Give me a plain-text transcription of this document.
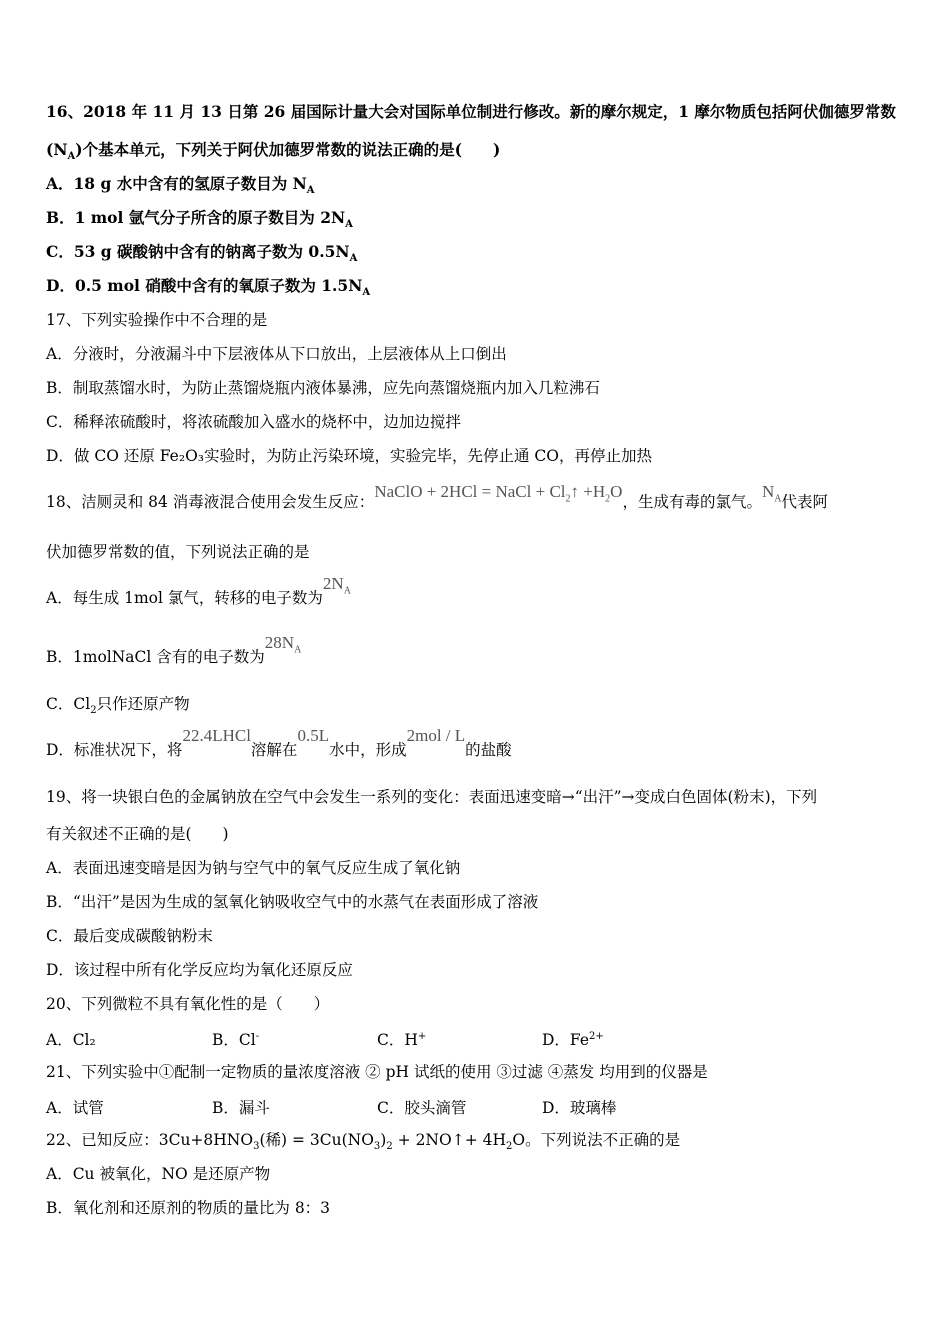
16、2018 年 11 月 13 日第 26 届国际计量大会对国际单位制进行修改。新的摩尔规定，1 摩尔物质包括阿伏伽德罗常数
$(N_A)$个基本单元，下列关于阿伏加德罗常数的说法正确的是(　　)
A．18 g 水中含有的氢原子数目为 $N_A$
B．1 mol 氩气分子所含的原子数目为 $2N_A$
C．53 g 碳酸钠中含有的钠离子数为 $0.5N_A$
D．0.5 mol 硝酸中含有的氧原子数为 $1.5N_A$
17、下列实验操作中不合理的是
A．分液时，分液漏斗中下层液体从下口放出，上层液体从上口倒出
B．制取蒸馏水时，为防止蒸馏烧瓶内液体暴沸，应先向蒸馏烧瓶内加入几粒沸石
C．稀释浓硫酸时，将浓硫酸加入盛水的烧杯中，边加边搅拌
D．做 CO 还原 Fe₂O₃实验时，为防止污染环境，实验完毕，先停止通 CO，再停止加热
18、洁厕灵和 84 消毒液混合使用会发生反应：NaClO + 2HCl = NaCl + $Cl_2↑ +H_2O$，生成有毒的氯气。$N_A$代表阿
伏加德罗常数的值，下列说法正确的是
A．每生成 1mol 氯气，转移的电子数为$2N_A$
B．1molNaCl 含有的电子数为$28N_A$
C．$Cl_2$只作还原产物
D．标准状况下，将22.4LHCl溶解在0.5L水中，形成2mol / L的盐酸
19、将一块银白色的金属钠放在空气中会发生一系列的变化：表面迅速变暗→“出汗”→变成白色固体(粉末)，下列
有关叙述不正确的是(　　)
A．表面迅速变暗是因为钠与空气中的氧气反应生成了氧化钠
B．“出汗”是因为生成的氢氧化钠吸收空气中的水蒸气在表面形成了溶液
C．最后变成碳酸钠粉末
D．该过程中所有化学反应均为氧化还原反应
20、下列微粒不具有氧化性的是（　　）
A．Cl₂	B．Cl-	C．H+	D．$Fe^{2+}$
21、下列实验中①配制一定物质的量浓度溶液 ② pH 试纸的使用 ③过滤 ④蒸发 均用到的仪器是
A．试管	B．漏斗	C．胶头滴管	D．玻璃棒
22、已知反应：$3Cu+8HNO_3$(稀) = $3Cu(NO_3)_2$ + 2NO↑+ $4H_2O$。下列说法不正确的是
A．Cu 被氧化，NO 是还原产物
B．氧化剂和还原剂的物质的量比为 8：3
